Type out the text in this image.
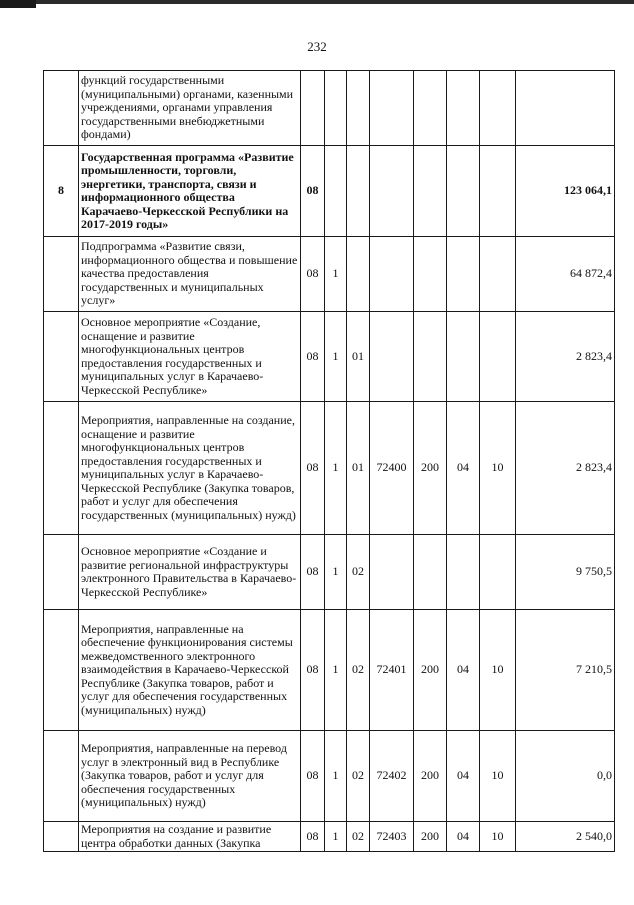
232
	функций государственными (муниципальными) органами, казенными учреждениями, органами управления государственными внебюджетными фондами)								
8	Государственная программа «Развитие промышленности, торговли, энергетики, транспорта, связи и информационного общества Карачаево-Черкесской Республики на 2017-2019 годы»	08							123 064,1
	Подпрограмма «Развитие связи, информационного общества и повышение качества предоставления государственных и муниципальных услуг»	08	1						64 872,4
	Основное мероприятие «Создание, оснащение и развитие многофункциональных центров предоставления государственных и муниципальных услуг в Карачаево-Черкесской Республике»	08	1	01					2 823,4
	Мероприятия, направленные на создание, оснащение и развитие многофункциональных центров предоставления государственных и муниципальных услуг в Карачаево-Черкесской Республике (Закупка товаров, работ и услуг для обеспечения государственных (муниципальных) нужд)	08	1	01	72400	200	04	10	2 823,4
	Основное мероприятие «Создание и развитие региональной инфраструктуры электронного Правительства в Карачаево-Черкесской Республике»	08	1	02					9 750,5
	Мероприятия, направленные на обеспечение функционирования системы межведомственного электронного взаимодействия в Карачаево-Черкесской Республике (Закупка товаров, работ и услуг для обеспечения государственных (муниципальных) нужд)	08	1	02	72401	200	04	10	7 210,5
	Мероприятия, направленные на перевод услуг в электронный вид в Республике (Закупка товаров, работ и услуг для обеспечения государственных (муниципальных) нужд)	08	1	02	72402	200	04	10	0,0
	Мероприятия на создание и развитие центра обработки данных (Закупка	08	1	02	72403	200	04	10	2 540,0
